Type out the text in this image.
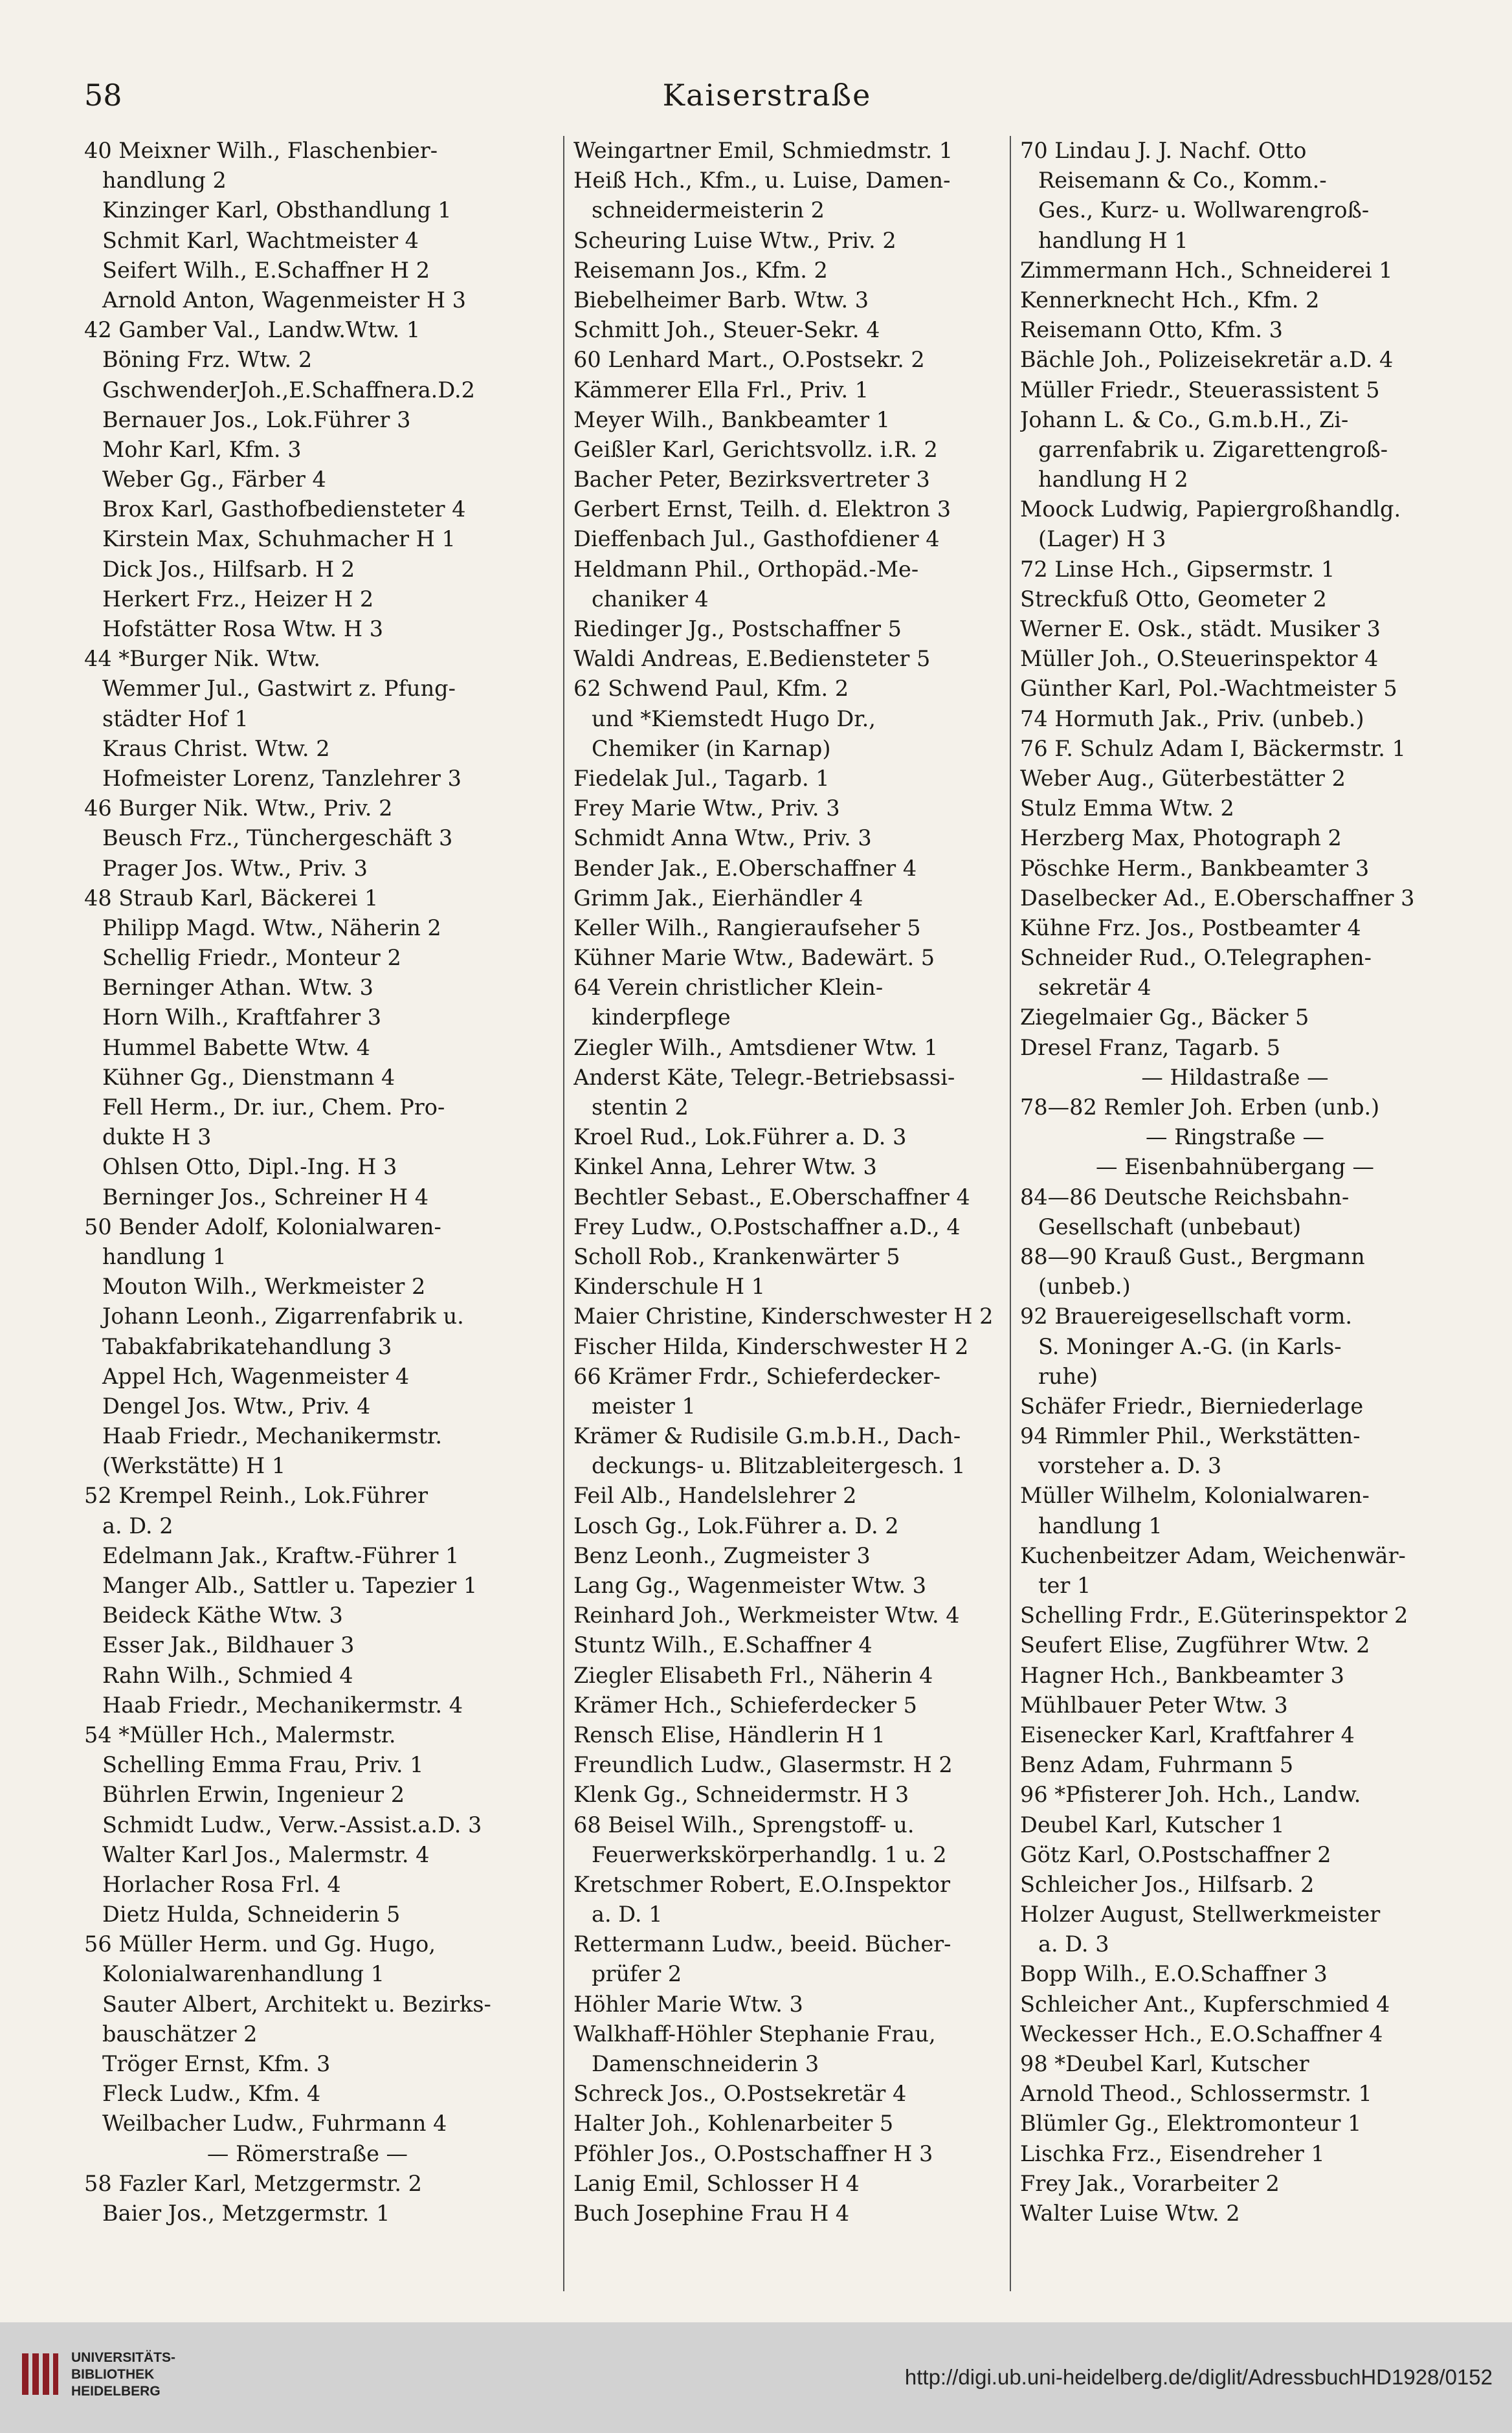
58	Kaiserstraße
40 Meixner Wilh., Flaschenbier-
handlung 2
Kinzinger Karl, Obsthandlung 1
Schmit Karl, Wachtmeister 4
Seifert Wilh., E.Schaffner H 2
Arnold Anton, Wagenmeister H 3
42 Gamber Val., Landw.Wtw. 1
Böning Frz. Wtw. 2
GschwenderJoh.,E.Schaffnera.D.2
Bernauer Jos., Lok.Führer 3
Mohr Karl, Kfm. 3
Weber Gg., Färber 4
Brox Karl, Gasthofbediensteter 4
Kirstein Max, Schuhmacher H 1
Dick Jos., Hilfsarb. H 2
Herkert Frz., Heizer H 2
Hofstätter Rosa Wtw. H 3
44 *Burger Nik. Wtw.
Wemmer Jul., Gastwirt z. Pfung-
städter Hof 1
Kraus Christ. Wtw. 2
Hofmeister Lorenz, Tanzlehrer 3
46 Burger Nik. Wtw., Priv. 2
Beusch Frz., Tünchergeschäft 3
Prager Jos. Wtw., Priv. 3
48 Straub Karl, Bäckerei 1
Philipp Magd. Wtw., Näherin 2
Schellig Friedr., Monteur 2
Berninger Athan. Wtw. 3
Horn Wilh., Kraftfahrer 3
Hummel Babette Wtw. 4
Kühner Gg., Dienstmann 4
Fell Herm., Dr. iur., Chem. Pro-
dukte H 3
Ohlsen Otto, Dipl.-Ing. H 3
Berninger Jos., Schreiner H 4
50 Bender Adolf, Kolonialwaren-
handlung 1
Mouton Wilh., Werkmeister 2
Johann Leonh., Zigarrenfabrik u.
Tabakfabrikatehandlung 3
Appel Hch, Wagenmeister 4
Dengel Jos. Wtw., Priv. 4
Haab Friedr., Mechanikermstr.
(Werkstätte) H 1
52 Krempel Reinh., Lok.Führer
a. D. 2
Edelmann Jak., Kraftw.-Führer 1
Manger Alb., Sattler u. Tapezier 1
Beideck Käthe Wtw. 3
Esser Jak., Bildhauer 3
Rahn Wilh., Schmied 4
Haab Friedr., Mechanikermstr. 4
54 *Müller Hch., Malermstr.
Schelling Emma Frau, Priv. 1
Bührlen Erwin, Ingenieur 2
Schmidt Ludw., Verw.-Assist.a.D. 3
Walter Karl Jos., Malermstr. 4
Horlacher Rosa Frl. 4
Dietz Hulda, Schneiderin 5
56 Müller Herm. und Gg. Hugo,
Kolonialwarenhandlung 1
Sauter Albert, Architekt u. Bezirks-
bauschätzer 2
Tröger Ernst, Kfm. 3
Fleck Ludw., Kfm. 4
Weilbacher Ludw., Fuhrmann 4
— Römerstraße —
58 Fazler Karl, Metzgermstr. 2
Baier Jos., Metzgermstr. 1
Weingartner Emil, Schmiedmstr. 1
Heiß Hch., Kfm., u. Luise, Damen-
schneidermeisterin 2
Scheuring Luise Wtw., Priv. 2
Reisemann Jos., Kfm. 2
Biebelheimer Barb. Wtw. 3
Schmitt Joh., Steuer-Sekr. 4
60 Lenhard Mart., O.Postsekr. 2
Kämmerer Ella Frl., Priv. 1
Meyer Wilh., Bankbeamter 1
Geißler Karl, Gerichtsvollz. i.R. 2
Bacher Peter, Bezirksvertreter 3
Gerbert Ernst, Teilh. d. Elektron 3
Dieffenbach Jul., Gasthofdiener 4
Heldmann Phil., Orthopäd.-Me-
chaniker 4
Riedinger Jg., Postschaffner 5
Waldi Andreas, E.Bediensteter 5
62 Schwend Paul, Kfm. 2
und *Kiemstedt Hugo Dr.,
Chemiker (in Karnap)
Fiedelak Jul., Tagarb. 1
Frey Marie Wtw., Priv. 3
Schmidt Anna Wtw., Priv. 3
Bender Jak., E.Oberschaffner 4
Grimm Jak., Eierhändler 4
Keller Wilh., Rangieraufseher 5
Kühner Marie Wtw., Badewärt. 5
64 Verein christlicher Klein-
kinderpflege
Ziegler Wilh., Amtsdiener Wtw. 1
Anderst Käte, Telegr.-Betriebsassi-
stentin 2
Kroel Rud., Lok.Führer a. D. 3
Kinkel Anna, Lehrer Wtw. 3
Bechtler Sebast., E.Oberschaffner 4
Frey Ludw., O.Postschaffner a.D., 4
Scholl Rob., Krankenwärter 5
Kinderschule H 1
Maier Christine, Kinderschwester H 2
Fischer Hilda, Kinderschwester H 2
66 Krämer Frdr., Schieferdecker-
meister 1
Krämer & Rudisile G.m.b.H., Dach-
deckungs- u. Blitzableitergesch. 1
Feil Alb., Handelslehrer 2
Losch Gg., Lok.Führer a. D. 2
Benz Leonh., Zugmeister 3
Lang Gg., Wagenmeister Wtw. 3
Reinhard Joh., Werkmeister Wtw. 4
Stuntz Wilh., E.Schaffner 4
Ziegler Elisabeth Frl., Näherin 4
Krämer Hch., Schieferdecker 5
Rensch Elise, Händlerin H 1
Freundlich Ludw., Glasermstr. H 2
Klenk Gg., Schneidermstr. H 3
68 Beisel Wilh., Sprengstoff- u.
Feuerwerkskörperhandlg. 1 u. 2
Kretschmer Robert, E.O.Inspektor
a. D. 1
Rettermann Ludw., beeid. Bücher-
prüfer 2
Höhler Marie Wtw. 3
Walkhaff-Höhler Stephanie Frau,
Damenschneiderin 3
Schreck Jos., O.Postsekretär 4
Halter Joh., Kohlenarbeiter 5
Pföhler Jos., O.Postschaffner H 3
Lanig Emil, Schlosser H 4
Buch Josephine Frau H 4
70 Lindau J. J. Nachf. Otto
Reisemann & Co., Komm.-
Ges., Kurz- u. Wollwarengroß-
handlung H 1
Zimmermann Hch., Schneiderei 1
Kennerknecht Hch., Kfm. 2
Reisemann Otto, Kfm. 3
Bächle Joh., Polizeisekretär a.D. 4
Müller Friedr., Steuerassistent 5
Johann L. & Co., G.m.b.H., Zi-
garrenfabrik u. Zigarettengroß-
handlung H 2
Moock Ludwig, Papiergroßhandlg.
(Lager) H 3
72 Linse Hch., Gipsermstr. 1
Streckfuß Otto, Geometer 2
Werner E. Osk., städt. Musiker 3
Müller Joh., O.Steuerinspektor 4
Günther Karl, Pol.-Wachtmeister 5
74 Hormuth Jak., Priv. (unbeb.)
76 F. Schulz Adam I, Bäckermstr. 1
Weber Aug., Güterbestätter 2
Stulz Emma Wtw. 2
Herzberg Max, Photograph 2
Pöschke Herm., Bankbeamter 3
Daselbecker Ad., E.Oberschaffner 3
Kühne Frz. Jos., Postbeamter 4
Schneider Rud., O.Telegraphen-
sekretär 4
Ziegelmaier Gg., Bäcker 5
Dresel Franz, Tagarb. 5
— Hildastraße —
78—82 Remler Joh. Erben (unb.)
— Ringstraße —
— Eisenbahnübergang —
84—86 Deutsche Reichsbahn-
Gesellschaft (unbebaut)
88—90 Krauß Gust., Bergmann
(unbeb.)
92 Brauereigesellschaft vorm.
S. Moninger A.-G. (in Karls-
ruhe)
Schäfer Friedr., Bierniederlage
94 Rimmler Phil., Werkstätten-
vorsteher a. D. 3
Müller Wilhelm, Kolonialwaren-
handlung 1
Kuchenbeitzer Adam, Weichenwär-
ter 1
Schelling Frdr., E.Güterinspektor 2
Seufert Elise, Zugführer Wtw. 2
Hagner Hch., Bankbeamter 3
Mühlbauer Peter Wtw. 3
Eisenecker Karl, Kraftfahrer 4
Benz Adam, Fuhrmann 5
96 *Pfisterer Joh. Hch., Landw.
Deubel Karl, Kutscher 1
Götz Karl, O.Postschaffner 2
Schleicher Jos., Hilfsarb. 2
Holzer August, Stellwerkmeister
a. D. 3
Bopp Wilh., E.O.Schaffner 3
Schleicher Ant., Kupferschmied 4
Weckesser Hch., E.O.Schaffner 4
98 *Deubel Karl, Kutscher
Arnold Theod., Schlossermstr. 1
Blümler Gg., Elektromonteur 1
Lischka Frz., Eisendreher 1
Frey Jak., Vorarbeiter 2
Walter Luise Wtw. 2
UNIVERSITÄTS-
BIBLIOTHEK
HEIDELBERG
http://digi.ub.uni-heidelberg.de/diglit/AdressbuchHD1928/0152
